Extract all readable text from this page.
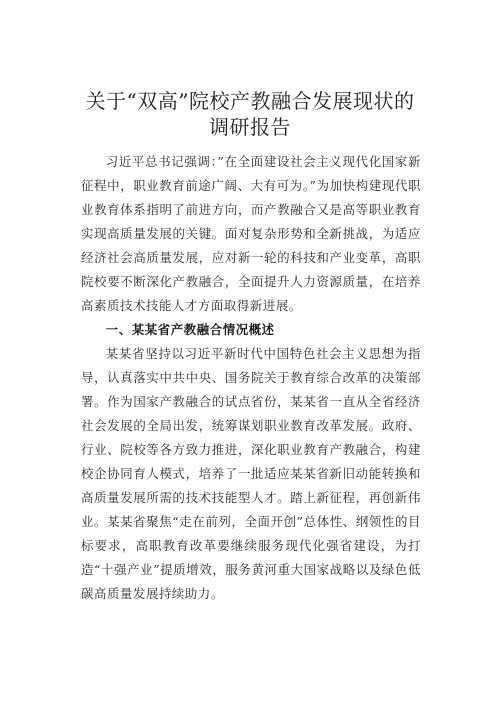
关于“双高”院校产教融合发展现状的
调研报告

习近平总书记强调：”在全面建设社会主义现代化国家新征程中，职业教育前途广阔、大有可为。”为加快构建现代职业教育体系指明了前进方向，而产教融合又是高等职业教育实现高质量发展的关键。面对复杂形势和全新挑战，为适应经济社会高质量发展，应对新一轮的科技和产业变革，高职院校要不断深化产教融合，全面提升人力资源质量，在培养高素质技术技能人才方面取得新进展。

一、某某省产教融合情况概述

某某省坚持以习近平新时代中国特色社会主义思想为指导，认真落实中共中央、国务院关于教育综合改革的决策部署。作为国家产教融合的试点省份，某某省一直从全省经济社会发展的全局出发，统筹谋划职业教育改革发展。政府、行业、院校等各方致力推进，深化职业教育产教融合，构建校企协同育人模式，培养了一批适应某某省新旧动能转换和高质量发展所需的技术技能型人才。踏上新征程，再创新伟业。某某省聚焦“走在前列，全面开创”总体性、纲领性的目标要求，高职教育改革要继续服务现代化强省建设，为打造“十强产业”提质增效，服务黄河重大国家战略以及绿色低碳高质量发展持续助力。
